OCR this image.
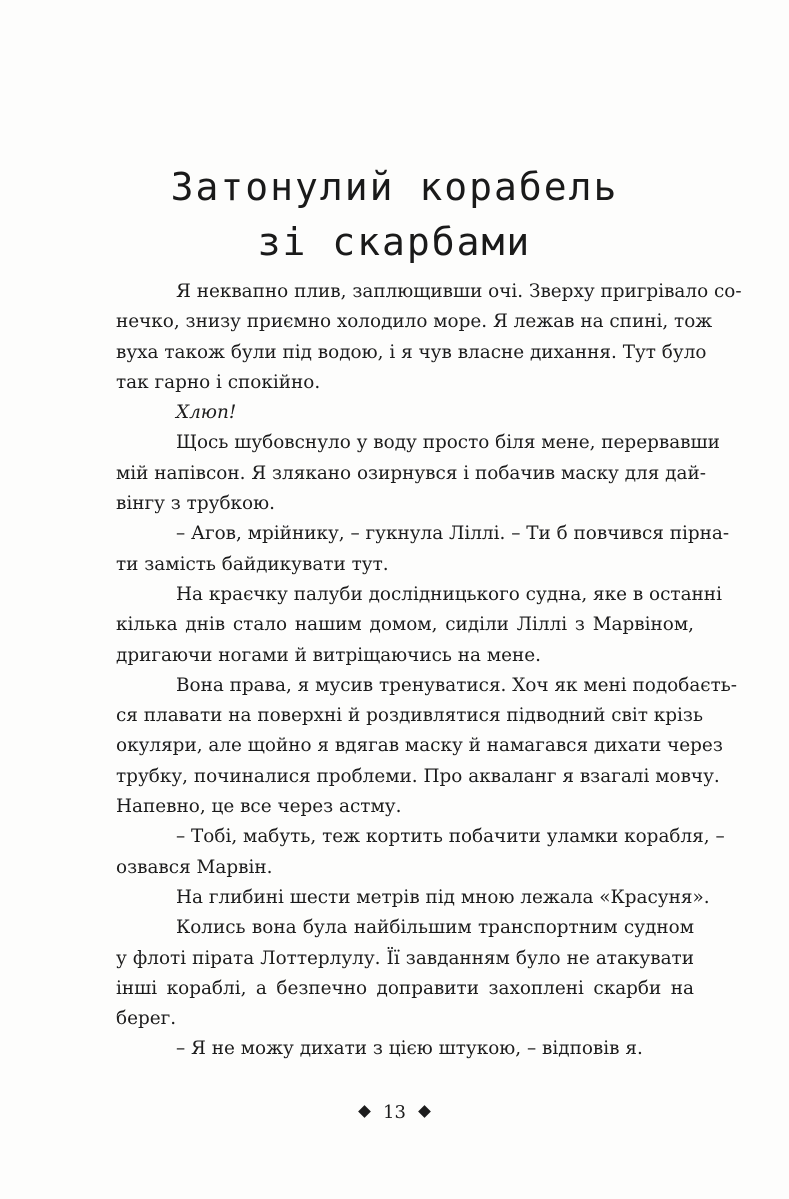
Затонулий корабель
зі скарбами

Я неквапно плив, заплющивши очі. Зверху пригрівало со-
нечко, знизу приємно холодило море. Я лежав на спині, тож
вуха також були під водою, і я чув власне дихання. Тут було
так гарно і спокійно.

Хлюп!

Щось шубовснуло у воду просто біля мене, перервавши
мій напівсон. Я злякано озирнувся і побачив маску для дай-
вінгу з трубкою.

– Агов, мрійнику, – гукнула Ліллі. – Ти б повчився пірна-
ти замість байдикувати тут.

На краєчку палуби дослідницького судна, яке в останні
кілька днів стало нашим домом, сиділи Ліллі з Марвіном,
дригаючи ногами й витріщаючись на мене.

Вона права, я мусив тренуватися. Хоч як мені подобаєть-
ся плавати на поверхні й роздивлятися підводний світ крізь
окуляри, але щойно я вдягав маску й намагався дихати через
трубку, починалися проблеми. Про акваланг я взагалі мовчу.
Напевно, це все через астму.

– Тобі, мабуть, теж кортить побачити уламки корабля, –
озвався Марвін.

На глибині шести метрів під мною лежала «Красуня».

Колись вона була найбільшим транспортним судном
у флоті пірата Лоттерлулу. Її завданням було не атакувати
інші кораблі, а безпечно доправити захоплені скарби на
берег.

– Я не можу дихати з цією штукою, – відповів я.

13
